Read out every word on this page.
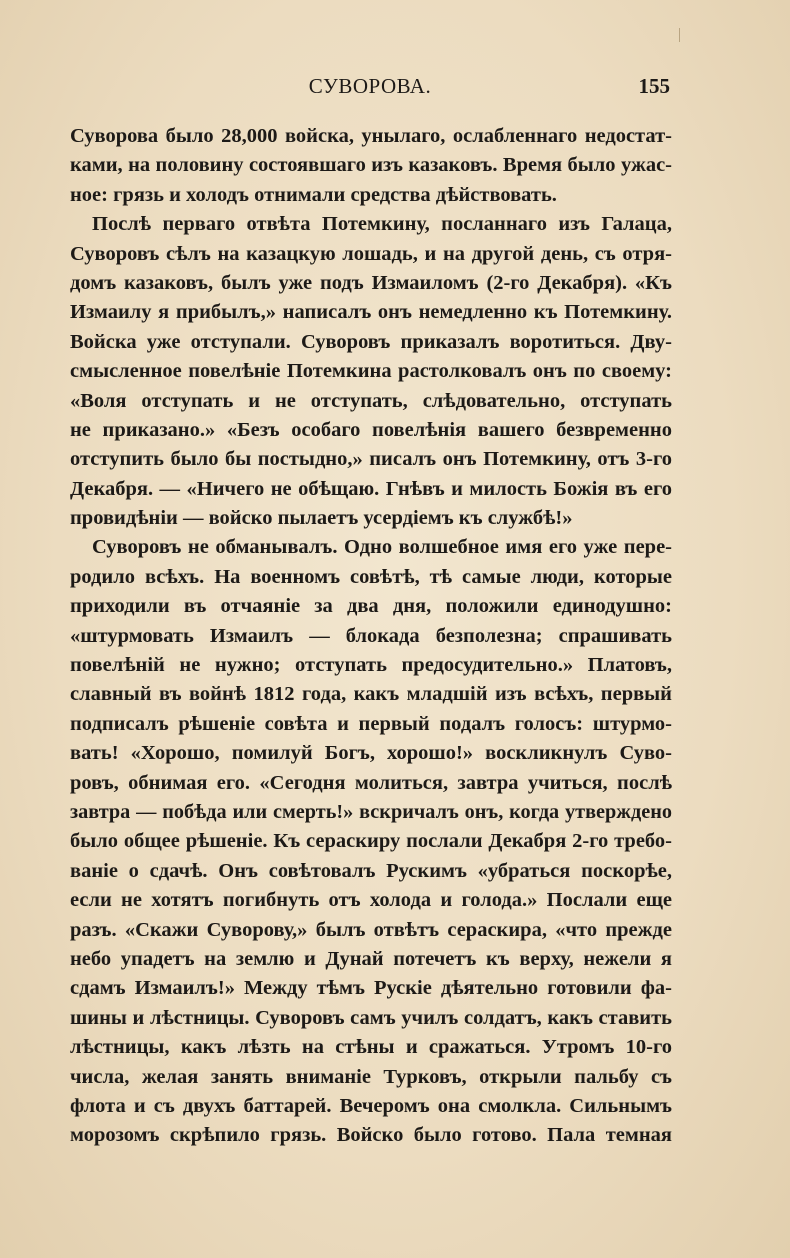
СУВОРОВА.	155
Суворова было 28,000 войска, унылаго, ослабленнаго недостат-
ками, на половину состоявшаго изъ казаковъ. Время было ужас-
ное: грязь и холодъ отнимали средства дѣйствовать.
Послѣ перваго отвѣта Потемкину, посланнаго изъ Галаца,
Суворовъ сѣлъ на казацкую лошадь, и на другой день, съ отря-
домъ казаковъ, былъ уже подъ Измаиломъ (2-го Декабря). «Къ
Измаилу я прибылъ,» написалъ онъ немедленно къ Потемкину.
Войска уже отступали. Суворовъ приказалъ воротиться. Дву-
смысленное повелѣніе Потемкина растолковалъ онъ по своему:
«Воля отступать и не отступать, слѣдовательно, отступать
не приказано.» «Безъ особаго повелѣнія вашего безвременно
отступить было бы постыдно,» писалъ онъ Потемкину, отъ 3-го
Декабря. — «Ничего не обѣщаю. Гнѣвъ и милость Божія въ его
провидѣніи — войско пылаетъ усердіемъ къ службѣ!»
Суворовъ не обманывалъ. Одно волшебное имя его уже пере-
родило всѣхъ. На военномъ совѣтѣ, тѣ самые люди, которые
приходили въ отчаяніе за два дня, положили единодушно:
«штурмовать Измаилъ — блокада безполезна; спрашивать
повелѣній не нужно; отступать предосудительно.» Платовъ,
славный въ войнѣ 1812 года, какъ младшій изъ всѣхъ, первый
подписалъ рѣшеніе совѣта и первый подалъ голосъ: штурмо-
вать! «Хорошо, помилуй Богъ, хорошо!» воскликнулъ Суво-
ровъ, обнимая его. «Сегодня молиться, завтра учиться, послѣ
завтра — побѣда или смерть!» вскричалъ онъ, когда утверждено
было общее рѣшеніе. Къ сераскиру послали Декабря 2-го требо-
ваніе о сдачѣ. Онъ совѣтовалъ Рускимъ «убраться поскорѣе,
если не хотятъ погибнуть отъ холода и голода.» Послали еще
разъ. «Скажи Суворову,» былъ отвѣтъ сераскира, «что прежде
небо упадетъ на землю и Дунай потечетъ къ верху, нежели я
сдамъ Измаилъ!» Между тѣмъ Рускіе дѣятельно готовили фа-
шины и лѣстницы. Суворовъ самъ училъ солдатъ, какъ ставить
лѣстницы, какъ лѣзть на стѣны и сражаться. Утромъ 10-го
числа, желая занять вниманіе Турковъ, открыли пальбу съ
флота и съ двухъ баттарей. Вечеромъ она смолкла. Сильнымъ
морозомъ скрѣпило грязь. Войско было готово. Пала темная
